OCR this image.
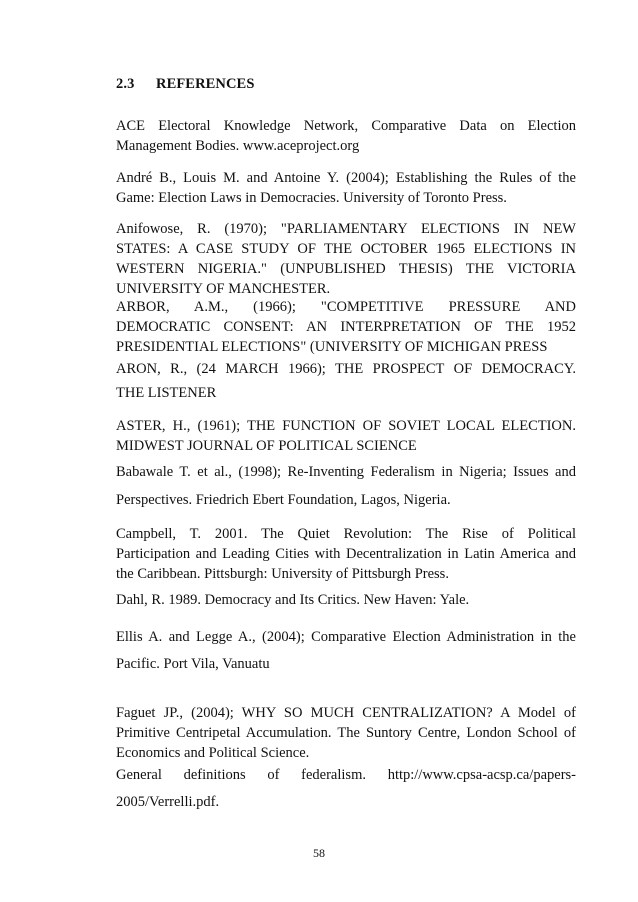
2.3 REFERENCES
ACE Electoral Knowledge Network, Comparative Data on Election
Management Bodies. www.aceproject.org
André B., Louis M. and Antoine Y. (2004); Establishing the Rules of the
Game: Election Laws in Democracies. University of Toronto Press.
Anifowose, R. (1970); "PARLIAMENTARY ELECTIONS IN NEW
STATES: A CASE STUDY OF THE OCTOBER 1965 ELECTIONS IN
WESTERN NIGERIA." (UNPUBLISHED THESIS) THE VICTORIA
UNIVERSITY OF MANCHESTER.
ARBOR, A.M., (1966); "COMPETITIVE PRESSURE AND
DEMOCRATIC CONSENT: AN INTERPRETATION OF THE 1952
PRESIDENTIAL ELECTIONS" (UNIVERSITY OF MICHIGAN PRESS
ARON, R., (24 MARCH 1966); THE PROSPECT OF DEMOCRACY.
THE LISTENER
ASTER, H., (1961); THE FUNCTION OF SOVIET LOCAL ELECTION.
MIDWEST JOURNAL OF POLITICAL SCIENCE
Babawale T. et al., (1998); Re-Inventing Federalism in Nigeria; Issues and
Perspectives. Friedrich Ebert Foundation, Lagos, Nigeria.
Campbell, T. 2001. The Quiet Revolution: The Rise of Political
Participation and Leading Cities with Decentralization in Latin America and
the Caribbean. Pittsburgh: University of Pittsburgh Press.
Dahl, R. 1989. Democracy and Its Critics. New Haven: Yale.
Ellis A. and Legge A., (2004); Comparative Election Administration in the
Pacific. Port Vila, Vanuatu
Faguet JP., (2004); WHY SO MUCH CENTRALIZATION? A Model of
Primitive Centripetal Accumulation. The Suntory Centre, London School of
Economics and Political Science.
General definitions of federalism. http://www.cpsa-acsp.ca/papers-
2005/Verrelli.pdf.
58
